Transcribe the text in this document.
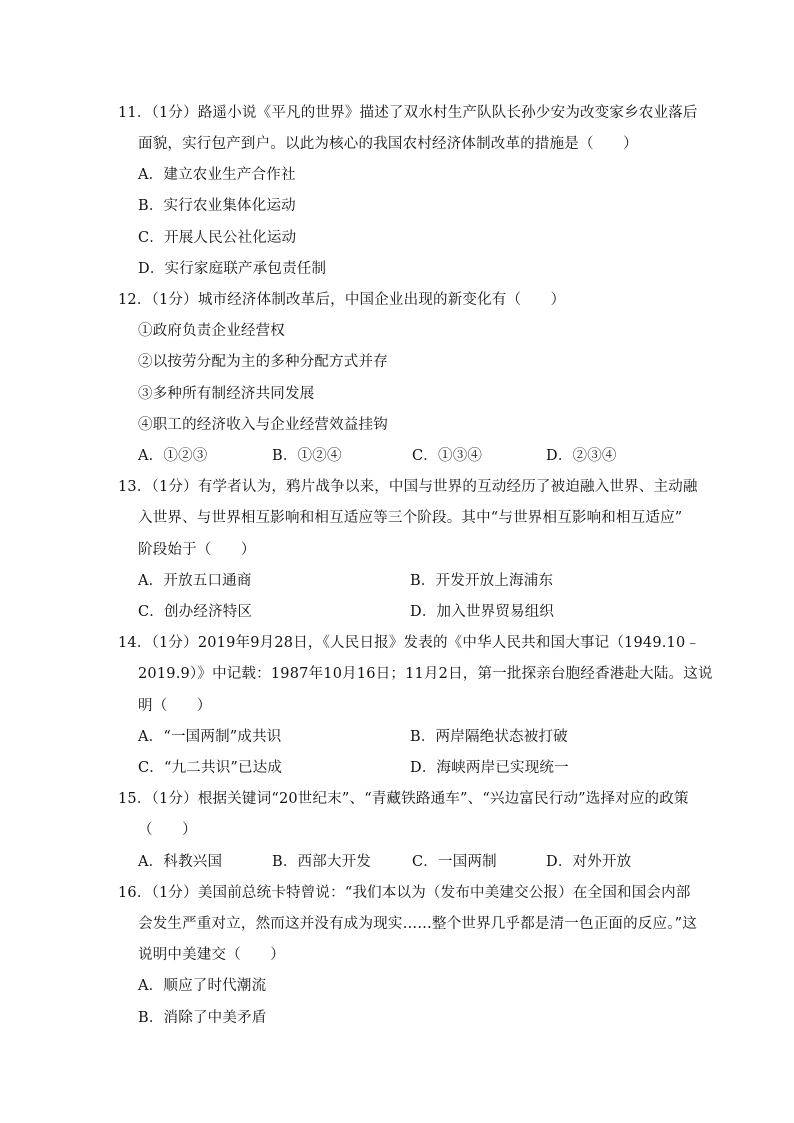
11．（1分）路遥小说《平凡的世界》描述了双水村生产队队长孙少安为改变家乡农业落后
面貌，实行包产到户。以此为核心的我国农村经济体制改革的措施是（　　）
A．建立农业生产合作社
B．实行农业集体化运动
C．开展人民公社化运动
D．实行家庭联产承包责任制
12．（1分）城市经济体制改革后，中国企业出现的新变化有（　　）
①政府负责企业经营权
②以按劳分配为主的多种分配方式并存
③多种所有制经济共同发展
④职工的经济收入与企业经营效益挂钩
A．①②③	B．①②④	C．①③④	D．②③④
13．（1分）有学者认为，鸦片战争以来，中国与世界的互动经历了被迫融入世界、主动融
入世界、与世界相互影响和相互适应等三个阶段。其中“与世界相互影响和相互适应”
阶段始于（　　）
A．开放五口通商	B．开发开放上海浦东
C．创办经济特区	D．加入世界贸易组织
14．（1分）2019年9月28日，《人民日报》发表的《中华人民共和国大事记（1949.10﹣
2019.9）》中记载：1987年10月16日；11月2日，第一批探亲台胞经香港赴大陆。这说
明（　　）
A．“一国两制”成共识	B．两岸隔绝状态被打破
C．“九二共识”已达成	D．海峡两岸已实现统一
15．（1分）根据关键词“20世纪末”、“青藏铁路通车”、“兴边富民行动”选择对应的政策
（　　）
A．科教兴国	B．西部大开发	C．一国两制	D．对外开放
16．（1分）美国前总统卡特曾说：“我们本以为（发布中美建交公报）在全国和国会内部
会发生严重对立，然而这并没有成为现实……整个世界几乎都是清一色正面的反应。”这
说明中美建交（　　）
A．顺应了时代潮流
B．消除了中美矛盾
